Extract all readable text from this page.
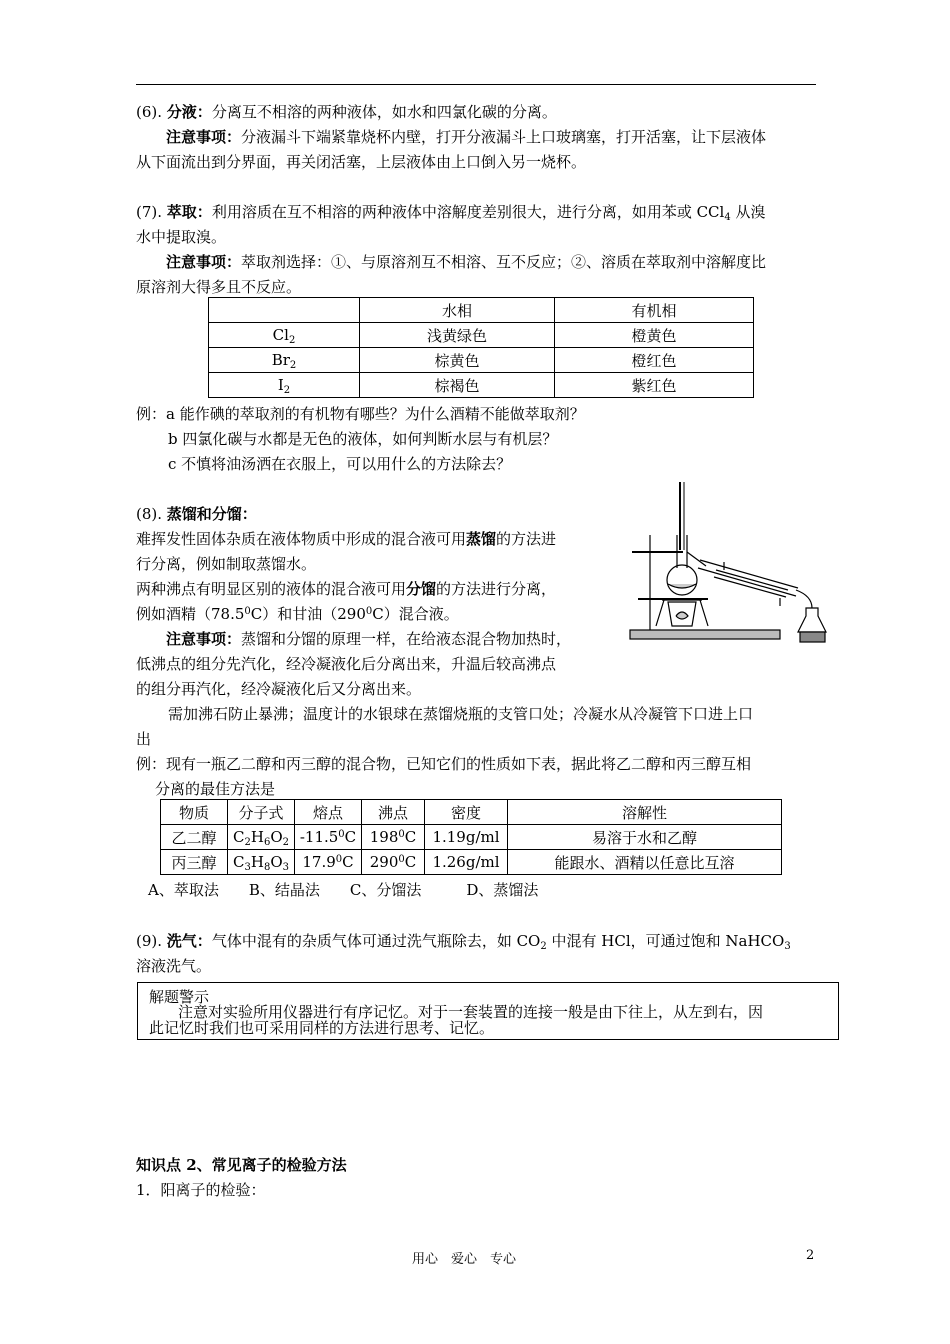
(6). 分液：分离互不相溶的两种液体，如水和四氯化碳的分离。
注意事项：分液漏斗下端紧靠烧杯内壁，打开分液漏斗上口玻璃塞，打开活塞，让下层液体
从下面流出到分界面，再关闭活塞，上层液体由上口倒入另一烧杯。
(7). 萃取：利用溶质在互不相溶的两种液体中溶解度差别很大，进行分离，如用苯或 CCl$_4$ 从溴
水中提取溴。
注意事项：萃取剂选择：①、与原溶剂互不相溶、互不反应；②、溶质在萃取剂中溶解度比
原溶剂大得多且不反应。
	水相	有机相
$Cl_2$	浅黄绿色	橙黄色
$Br_2$	棕黄色	橙红色
$I_2$	棕褐色	紫红色
例：a 能作碘的萃取剂的有机物有哪些？为什么酒精不能做萃取剂？
b 四氯化碳与水都是无色的液体，如何判断水层与有机层？
c 不慎将油汤洒在衣服上，可以用什么的方法除去？
(8). 蒸馏和分馏：
难挥发性固体杂质在液体物质中形成的混合液可用蒸馏的方法进
行分离，例如制取蒸馏水。
两种沸点有明显区别的液体的混合液可用分馏的方法进行分离，
例如酒精（78.5$^0$C）和甘油$(290^0C)$混合液。
注意事项：蒸馏和分馏的原理一样，在给液态混合物加热时，
低沸点的组分先汽化，经冷凝液化后分离出来，升温后较高沸点
的组分再汽化，经冷凝液化后又分离出来。
需加沸石防止暴沸；温度计的水银球在蒸馏烧瓶的支管口处；冷凝水从冷凝管下口进上口
出
例：现有一瓶乙二醇和丙三醇的混合物，已知它们的性质如下表，据此将乙二醇和丙三醇互相
分离的最佳方法是
物质	分子式	熔点	沸点	密度	溶解性
乙二醇	$C_2H_6O_2$	-11.5$^0$C	$198^0C$	1.19g/ml	易溶于水和乙醇
丙三醇	$C_3H_8O_3$	17.9$^0$C	$290^0C$	1.26g/ml	能跟水、酒精以任意比互溶
A、萃取法　　B、结晶法　　C、分馏法　　　D、蒸馏法
(9). 洗气：气体中混有的杂质气体可通过洗气瓶除去，如 $CO_2$ 中混有 HCl，可通过饱和 NaHCO$_3$
溶液洗气。
解题警示
注意对实验所用仪器进行有序记忆。对于一套装置的连接一般是由下往上，从左到右，因
此记忆时我们也可采用同样的方法进行思考、记忆。
知识点 2、常见离子的检验方法
1．阳离子的检验：
用心　爱心　专心	2
